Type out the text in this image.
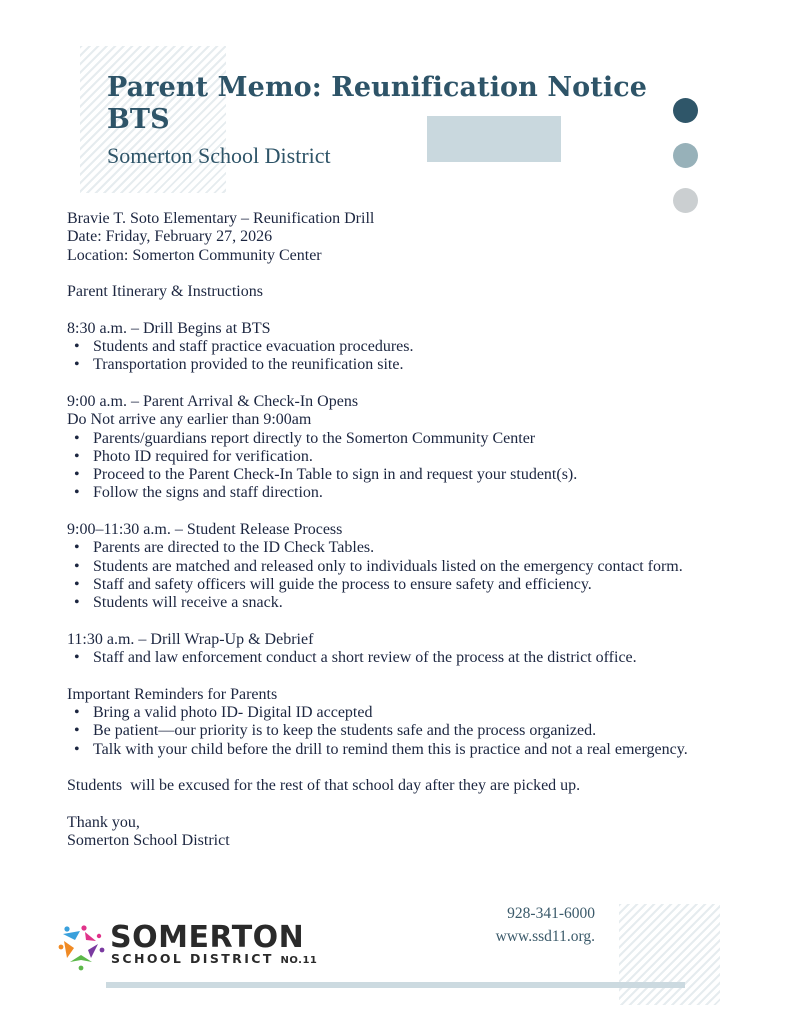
Parent Memo: Reunification Notice
BTS
Somerton School District

Bravie T. Soto Elementary – Reunification Drill

Date: Friday, February 27, 2026

Location: Somerton Community Center

Parent Itinerary & Instructions

8:30 a.m. – Drill Begins at BTS

• Students and staff practice evacuation procedures.
• Transportation provided to the reunification site.

9:00 a.m. – Parent Arrival & Check-In Opens

Do Not arrive any earlier than 9:00am

• Parents/guardians report directly to the Somerton Community Center
• Photo ID required for verification.
• Proceed to the Parent Check-In Table to sign in and request your student(s).
• Follow the signs and staff direction.

9:00–11:30 a.m. – Student Release Process

• Parents are directed to the ID Check Tables.
• Students are matched and released only to individuals listed on the emergency contact form.
• Staff and safety officers will guide the process to ensure safety and efficiency.
• Students will receive a snack.

11:30 a.m. – Drill Wrap-Up & Debrief

• Staff and law enforcement conduct a short review of the process at the district office.

Important Reminders for Parents

• Bring a valid photo ID- Digital ID accepted
• Be patient—our priority is to keep the students safe and the process organized.
• Talk with your child before the drill to remind them this is practice and not a real emergency.

Students  will be excused for the rest of that school day after they are picked up.

Thank you,

Somerton School District

SOMERTON
SCHOOL DISTRICT NO.11
928-341-6000
www.ssd11.org.
